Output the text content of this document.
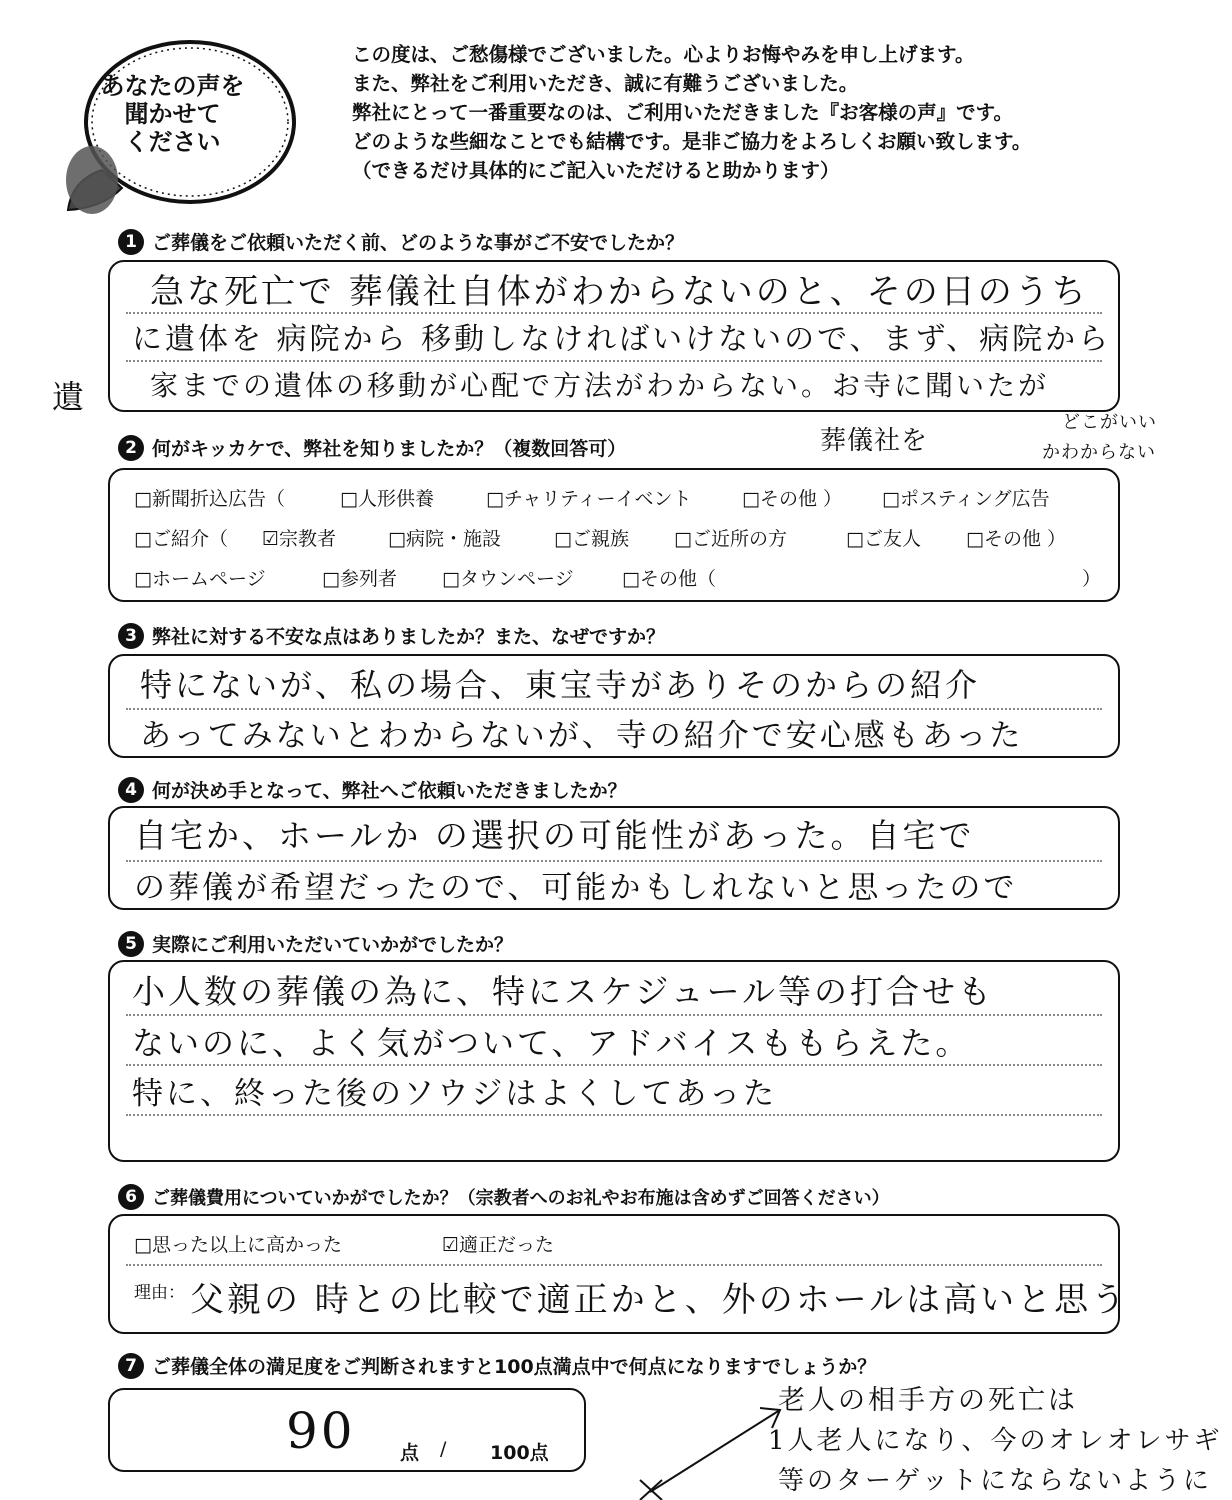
あなたの声を
聞かせて
ください
この度は、ご愁傷様でございました。心よりお悔やみを申し上げます。
また、弊社をご利用いただき、誠に有難うございました。
弊社にとって一番重要なのは、ご利用いただきました『お客様の声』です。
どのような些細なことでも結構です。是非ご協力をよろしくお願い致します。
（できるだけ具体的にご記入いただけると助かります）
1 ご葬儀をご依頼いただく前、どのような事がご不安でしたか？
急な死亡で 葬儀社自体がわからないのと、その日のうち
に遺体を 病院から 移動しなければいけないので、まず、病院から
家までの遺体の移動が心配で方法がわからない。お寺に聞いたが
遺
葬儀社を
どこがいい
かわからない
2 何がキッカケで、弊社を知りましたか？（複数回答可）
□新聞折込広告（	□人形供養	□チャリティーイベント	□その他 ） □ポスティング広告
□ご紹介（ ☑宗教者	□病院・施設	□ご親族 □ご近所の方	□ご友人 □その他 ）
□ホームページ	□参列者 □タウンページ	□その他（	）
3 弊社に対する不安な点はありましたか？また、なぜですか？
特にないが、私の場合、東宝寺がありそのからの紹介
あってみないとわからないが、寺の紹介で安心感もあった
4 何が決め手となって、弊社へご依頼いただきましたか？
自宅か、ホールか の選択の可能性があった。自宅で
の葬儀が希望だったので、可能かもしれないと思ったので
5 実際にご利用いただいていかがでしたか？
小人数の葬儀の為に、特にスケジュール等の打合せも
ないのに、よく気がついて、アドバイスももらえた。
特に、終った後のソウジはよくしてあった
6 ご葬儀費用についていかがでしたか？（宗教者へのお礼やお布施は含めずご回答ください）
□思った以上に高かった	☑適正だった
理由： 父親の 時との比較で適正かと、外のホールは高いと思う
7 ご葬儀全体の満足度をご判断されますと100点満点中で何点になりますでしょうか？
90 点 / 100点
老人の相手方の死亡は
1人老人になり、今のオレオレサギ
等のターゲットにならないように
